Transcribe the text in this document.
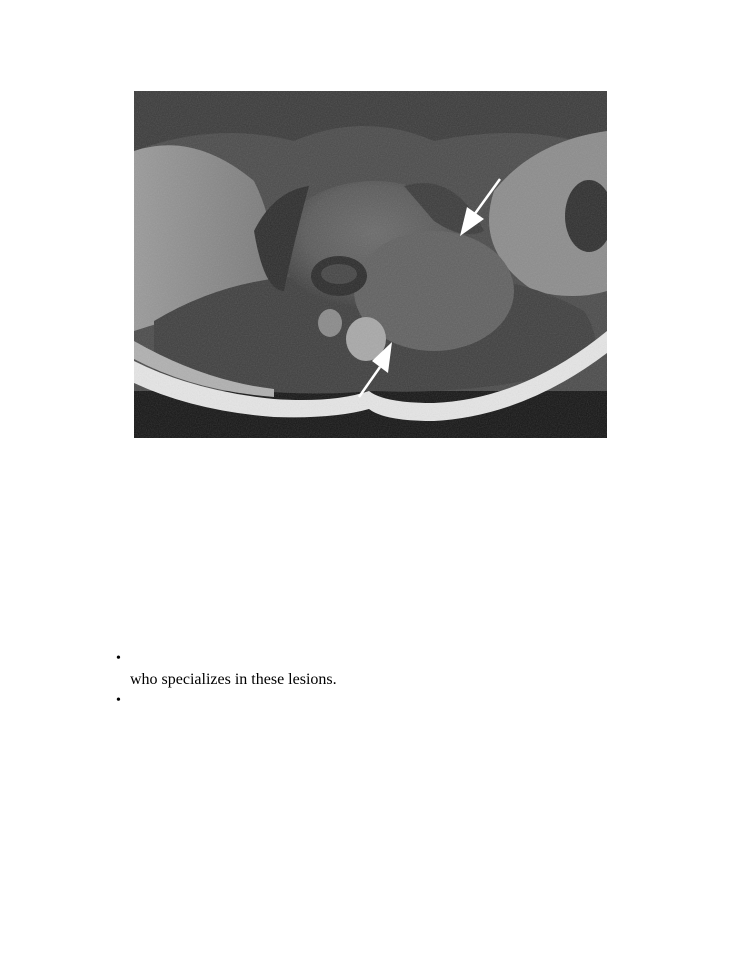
•
who specializes in these lesions.
•
